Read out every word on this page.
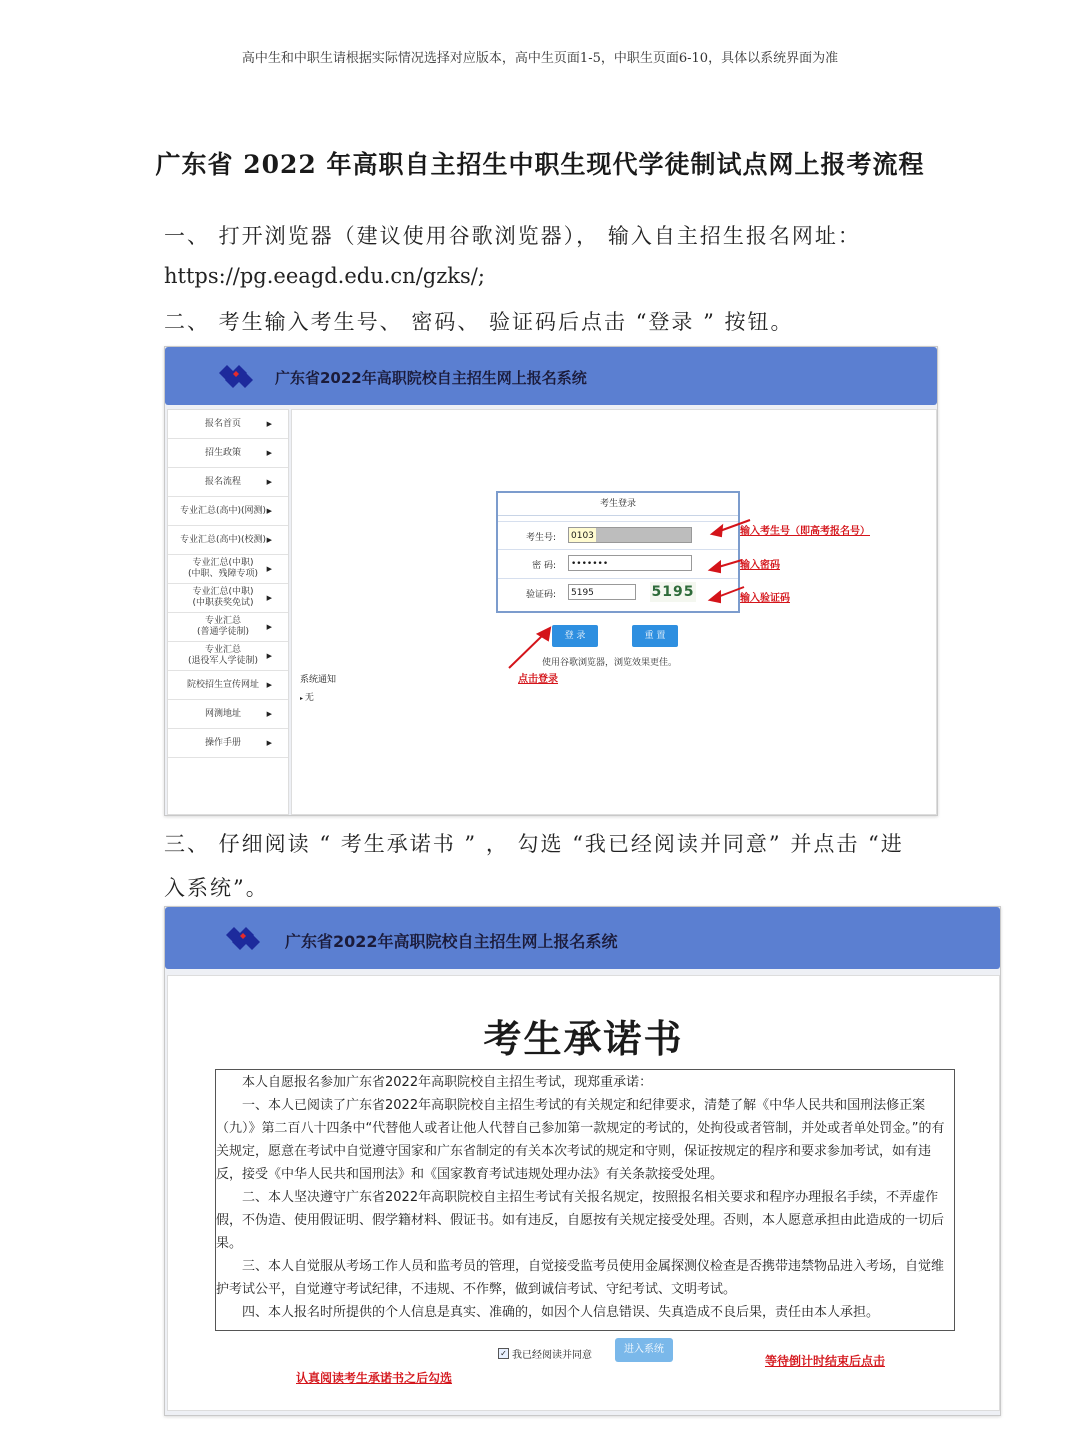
高中生和中职生请根据实际情况选择对应版本，高中生页面1-5，中职生页面6-10，具体以系统界面为准
广东省 2022 年高职自主招生中职生现代学徒制试点网上报考流程
一、 打开浏览器（建议使用谷歌浏览器）， 输入自主招生报名网址：
https://pg.eeagd.edu.cn/gzks/;
二、 考生输入考生号、 密码、 验证码后点击 “登录 ” 按钮。
广东省2022年高职院校自主招生网上报名系统
报名首页	▶
招生政策	▶
报名流程	▶
专业汇总(高中)(网测) ▶
专业汇总(高中)(校测) ▶
专业汇总(中职)
(中职、残障专项)
▶
专业汇总(中职)
(中职获奖免试)
▶
专业汇总
(普通学徒制)
▶
专业汇总
(退役军人学徒制)
▶
院校招生宣传网址 ▶
网测地址	▶
操作手册	▶
考生登录
考生号:	0103
密 码:	•••••••
验证码:	5195	5195
登 录	重 置
使用谷歌浏览器，浏览效果更佳。
系统通知
▸ 无
输入考生号（即高考报名号）
输入密码
输入验证码
点击登录
三、 仔细阅读 “ 考生承诺书 ” ， 勾选 “我已经阅读并同意” 并点击 “进
入系统”。
广东省2022年高职院校自主招生网上报名系统
考生承诺书

本人自愿报名参加广东省2022年高职院校自主招生考试，现郑重承诺：

一、本人已阅读了广东省2022年高职院校自主招生考试的有关规定和纪律要求，清楚了解《中华人民共和国刑法修正案（九）》第二百八十四条中“代替他人或者让他人代替自己参加第一款规定的考试的，处拘役或者管制，并处或者单处罚金。”的有关规定，愿意在考试中自觉遵守国家和广东省制定的有关本次考试的规定和守则，保证按规定的程序和要求参加考试，如有违反，接受《中华人民共和国刑法》和《国家教育考试违规处理办法》有关条款接受处理。

二、本人坚决遵守广东省2022年高职院校自主招生考试有关报名规定，按照报名相关要求和程序办理报名手续，不弄虚作假，不伪造、使用假证明、假学籍材料、假证书。如有违反，自愿按有关规定接受处理。否则，本人愿意承担由此造成的一切后果。

三、本人自觉服从考场工作人员和监考员的管理，自觉接受监考员使用金属探测仪检查是否携带违禁物品进入考场，自觉维护考试公平，自觉遵守考试纪律，不违规、不作弊，做到诚信考试、守纪考试、文明考试。

四、本人报名时所提供的个人信息是真实、准确的，如因个人信息错误、失真造成不良后果，责任由本人承担。

✓ 我已经阅读并同意
进入系统
认真阅读考生承诺书之后勾选
等待倒计时结束后点击
